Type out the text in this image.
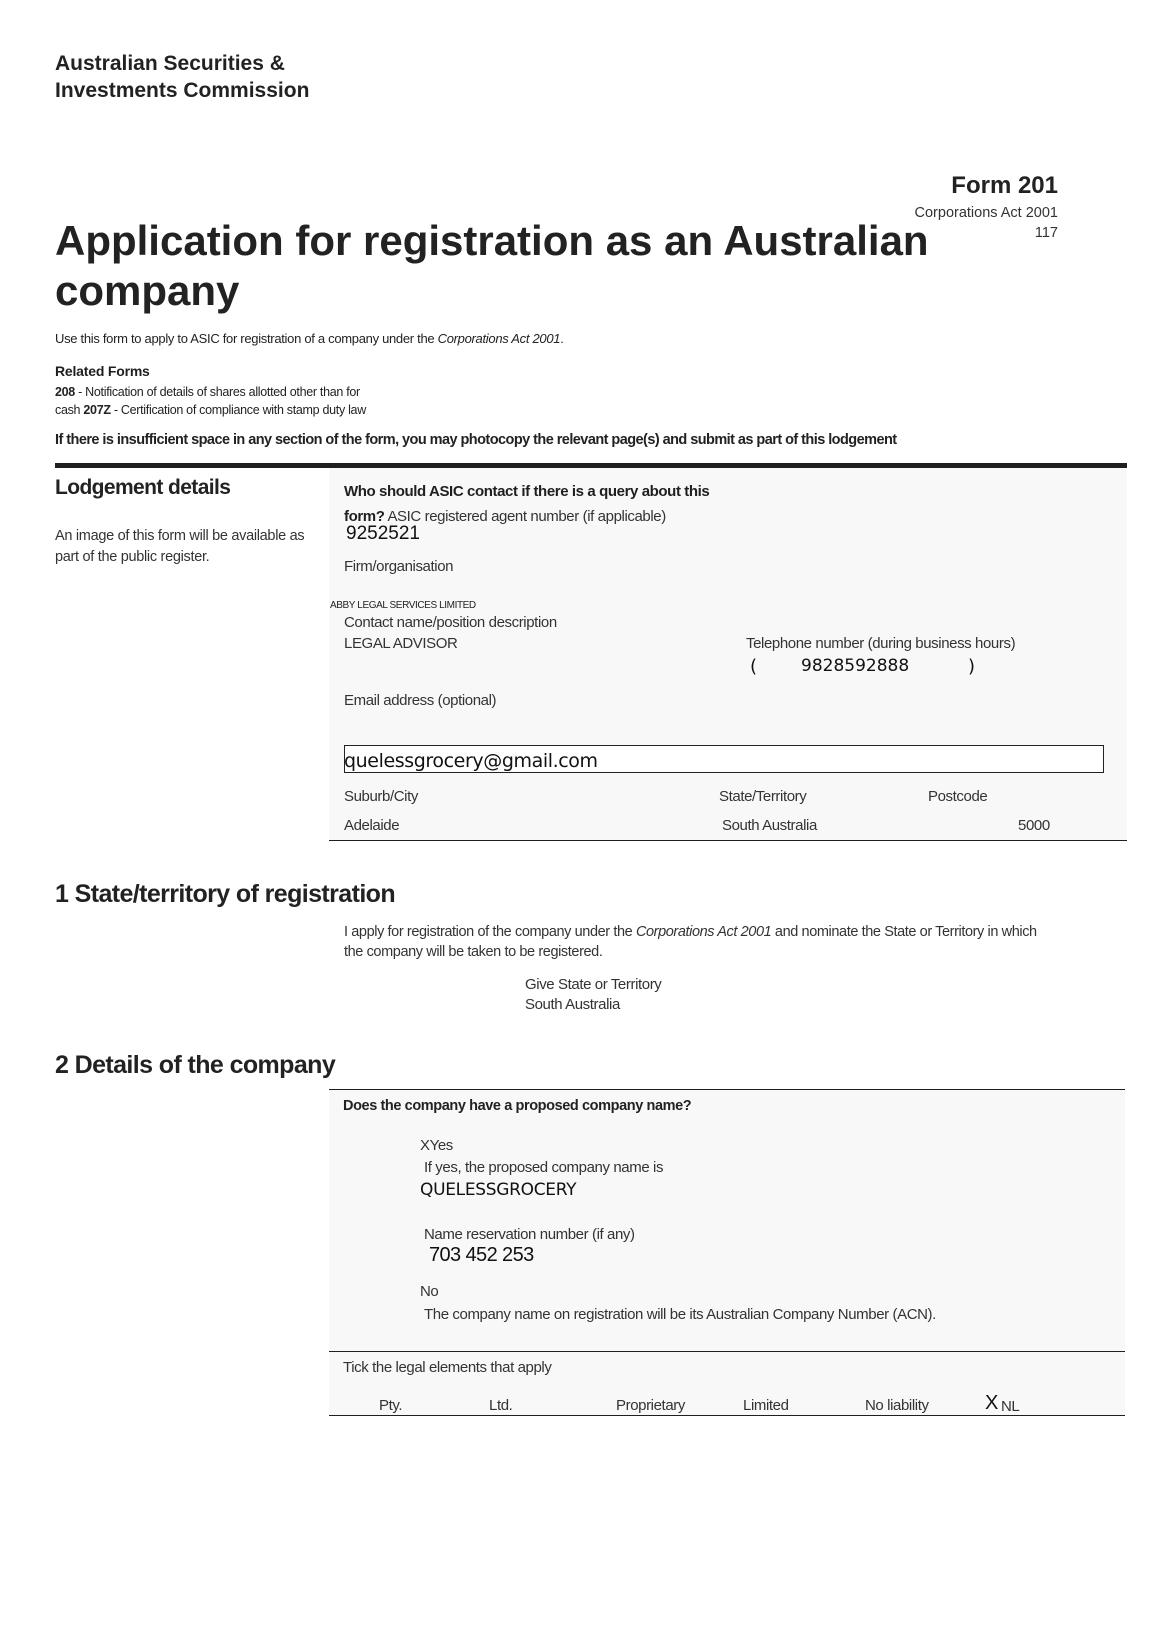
Australian Securities &
Investments Commission
Form 201
Corporations Act 2001
117
Application for registration as an Australian
company
Use this form to apply to ASIC for registration of a company under the Corporations Act 2001.
Related Forms
208 - Notification of details of shares allotted other than for
cash 207Z - Certification of compliance with stamp duty law
If there is insufficient space in any section of the form, you may photocopy the relevant page(s) and submit as part of this lodgement
Lodgement details
An image of this form will be available as part of the public register.
Who should ASIC contact if there is a query about this
form? ASIC registered agent number (if applicable)
9252521
Firm/organisation
ABBY LEGAL SERVICES LIMITED
Contact name/position description
LEGAL ADVISOR	Telephone number (during business hours)
(	9828592888	)
Email address (optional)
quelessgrocery@gmail.com
Suburb/City	State/Territory	Postcode
Adelaide	South Australia	5000
1 State/territory of registration
I apply for registration of the company under the Corporations Act 2001 and nominate the State or Territory in which
the company will be taken to be registered.
Give State or Territory
South Australia
2 Details of the company
Does the company have a proposed company name?
XYes
If yes, the proposed company name is
QUELESSGROCERY
Name reservation number (if any)
703 452 253
No
The company name on registration will be its Australian Company Number (ACN).
Tick the legal elements that apply
Pty.	Ltd.	Proprietary	Limited	No liability	X NL
